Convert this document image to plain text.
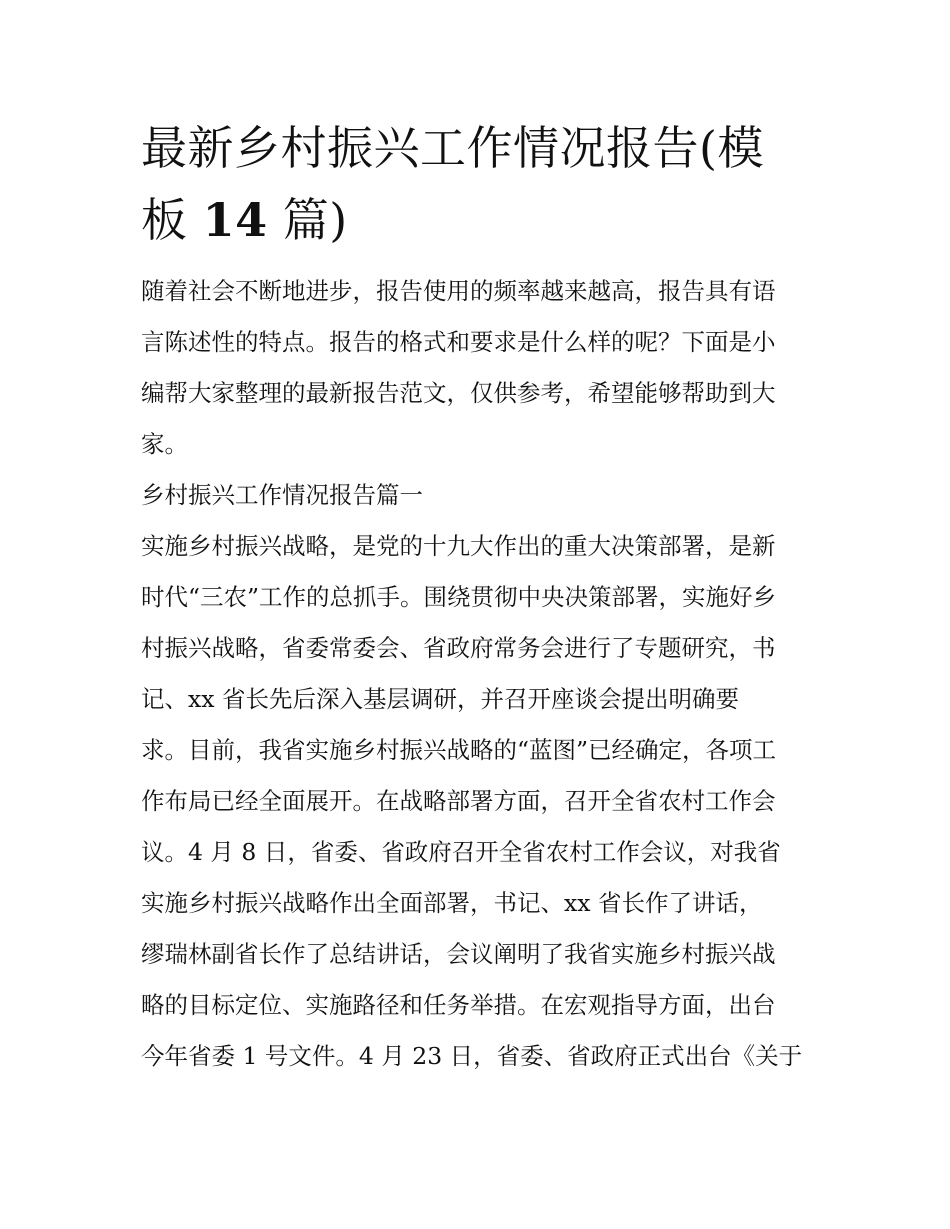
最新乡村振兴工作情况报告(模
板 14 篇)

随着社会不断地进步，报告使用的频率越来越高，报告具有语
言陈述性的特点。报告的格式和要求是什么样的呢？下面是小
编帮大家整理的最新报告范文，仅供参考，希望能够帮助到大
家。

乡村振兴工作情况报告篇一

实施乡村振兴战略，是党的十九大作出的重大决策部署，是新
时代“三农”工作的总抓手。围绕贯彻中央决策部署，实施好乡
村振兴战略，省委常委会、省政府常务会进行了专题研究，书
记、xx 省长先后深入基层调研，并召开座谈会提出明确要
求。目前，我省实施乡村振兴战略的“蓝图”已经确定，各项工
作布局已经全面展开。在战略部署方面，召开全省农村工作会
议。4 月 8 日，省委、省政府召开全省农村工作会议，对我省
实施乡村振兴战略作出全面部署，书记、xx 省长作了讲话，
缪瑞林副省长作了总结讲话，会议阐明了我省实施乡村振兴战
略的目标定位、实施路径和任务举措。在宏观指导方面，出台
今年省委 1 号文件。4 月 23 日，省委、省政府正式出台《关于
